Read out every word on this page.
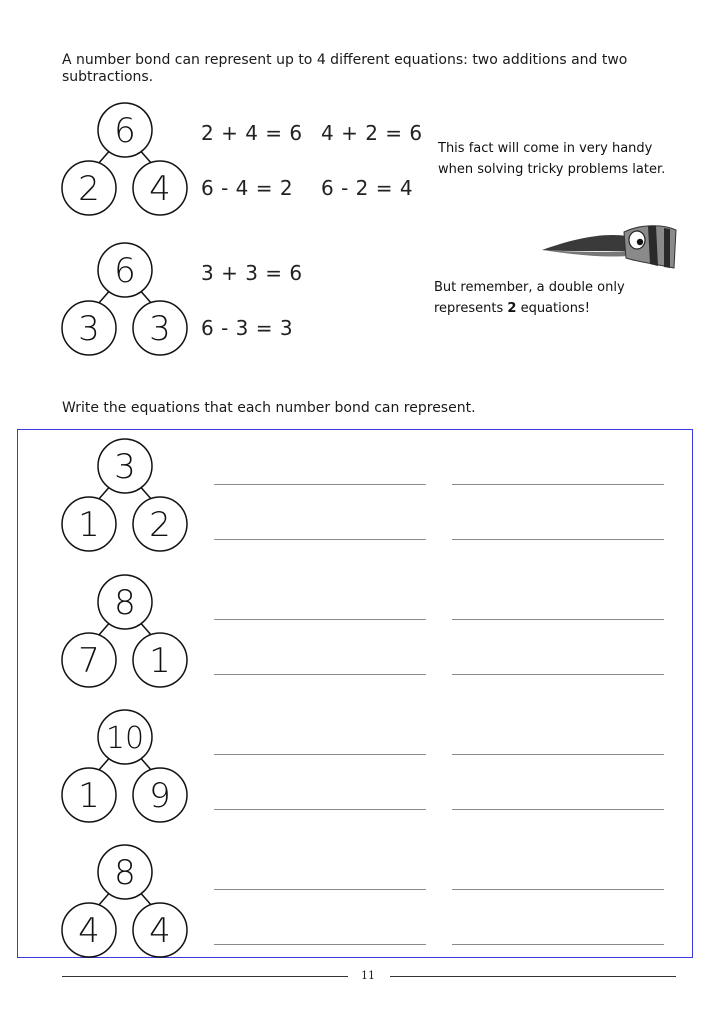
A number bond can represent up to 4 different equations: two additions and two subtractions.
6
2 4
2 + 4 = 6 4 + 2 = 6
6 - 4 = 2 6 - 2 = 4
This fact will come in very handy
when solving tricky problems later.
6
3 3
3 + 3 = 6
6 - 3 = 3
But remember, a double only
represents 2 equations!
Write the equations that each number bond can represent.
3
1 2
8
7 1
10
1 9
8
4 4
11
